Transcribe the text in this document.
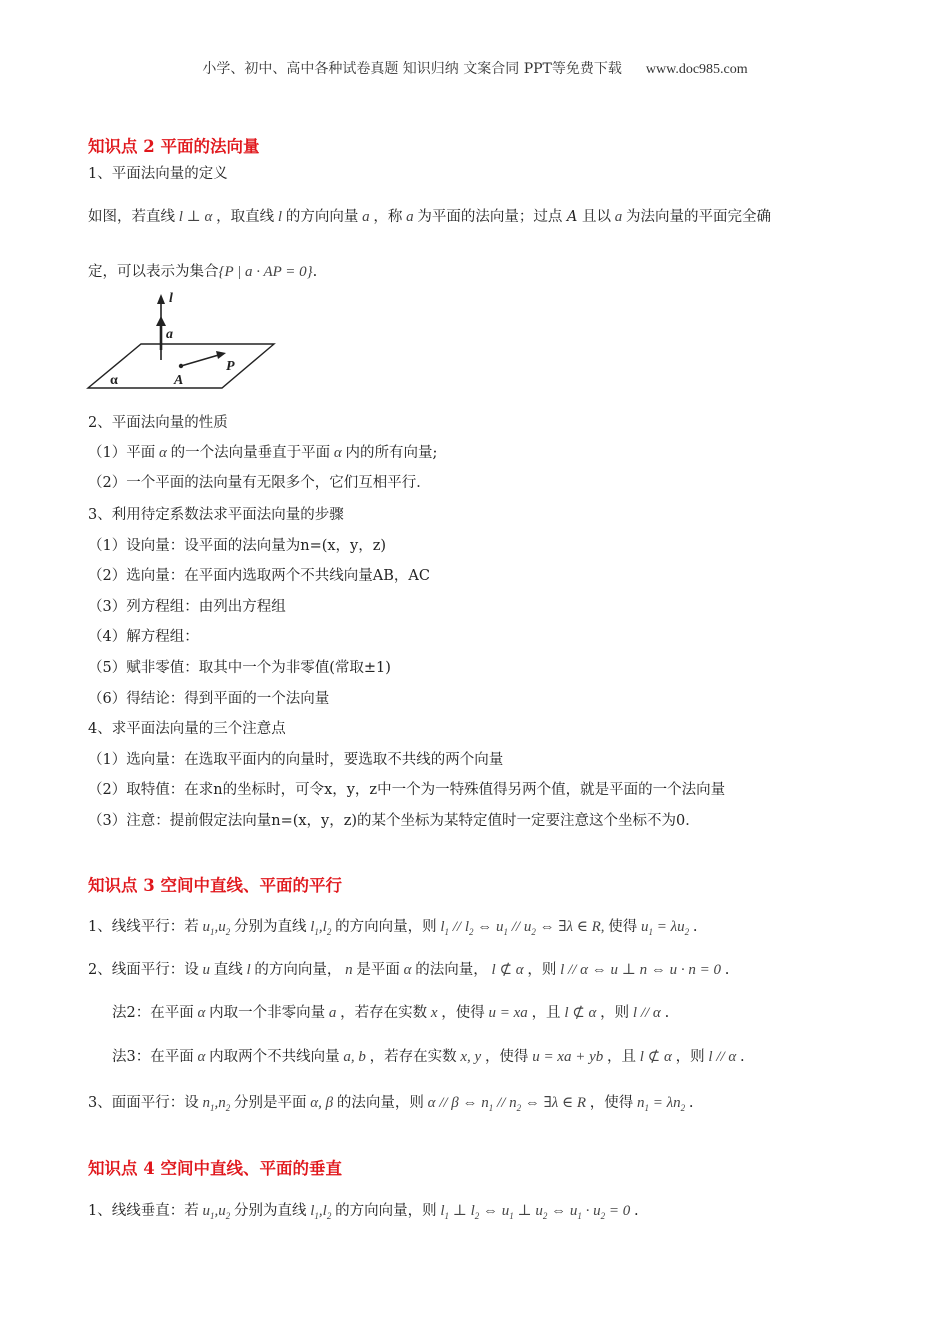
小学、初中、高中各种试卷真题 知识归纳 文案合同 PPT等免费下载 www.doc985.com
知识点 2 平面的法向量
1、平面法向量的定义
如图，若直线 l ⊥ α ，取直线 l 的方向向量 a ，称 a 为平面的法向量；过点 A 且以 a 为法向量的平面完全确
定，可以表示为集合{P | a · AP = 0}.
l
a
A
P
α
2、平面法向量的性质
（1）平面 α 的一个法向量垂直于平面 α 内的所有向量;
（2）一个平面的法向量有无限多个，它们互相平行．
3、利用待定系数法求平面法向量的步骤
（1）设向量：设平面的法向量为n=(x，y，z)
（2）选向量：在平面内选取两个不共线向量AB，AC
（3）列方程组：由列出方程组
（4）解方程组：
（5）赋非零值：取其中一个为非零值(常取±1)
（6）得结论：得到平面的一个法向量
4、求平面法向量的三个注意点
（1）选向量：在选取平面内的向量时，要选取不共线的两个向量
（2）取特值：在求n的坐标时，可令x，y，z中一个为一特殊值得另两个值，就是平面的一个法向量
（3）注意：提前假定法向量n=(x，y，z)的某个坐标为某特定值时一定要注意这个坐标不为0．
知识点 3 空间中直线、平面的平行
1、线线平行：若 $u_1,u_2$ 分别为直线 $l_1,l_2$ 的方向向量，则 $l_1 // l_2$ ⇔ $u_1 // u_2$ ⇔ ∃λ ∈ R, 使得 $u_1 = \lambda u_2$ .
2、线面平行：设 u 直线 l 的方向向量， n 是平面 α 的法向量， l ⊄ α ，则 l // α ⇔ u ⊥ n ⇔ u · n = 0 .
法2：在平面 α 内取一个非零向量 a ，若存在实数 x ，使得 u = xa ，且 l ⊄ α ，则 l // α .
法3：在平面 α 内取两个不共线向量 a, b ，若存在实数 x, y ，使得 u = xa + yb ，且 l ⊄ α ，则 l // α .
3、面面平行：设 $n_1,n_2$ 分别是平面 α, β 的法向量，则 α // β ⇔ $n_1 // n_2$ ⇔ ∃λ ∈ R ，使得 $n_1 = \lambda n_2$ .
知识点 4 空间中直线、平面的垂直
1、线线垂直：若 $u_1,u_2$ 分别为直线 $l_1,l_2$ 的方向向量，则 $l_1$ ⊥ $l_2$ ⇔ $u_1$ ⊥ $u_2$ ⇔ $u_1 \cdot u_2 = 0$ .
